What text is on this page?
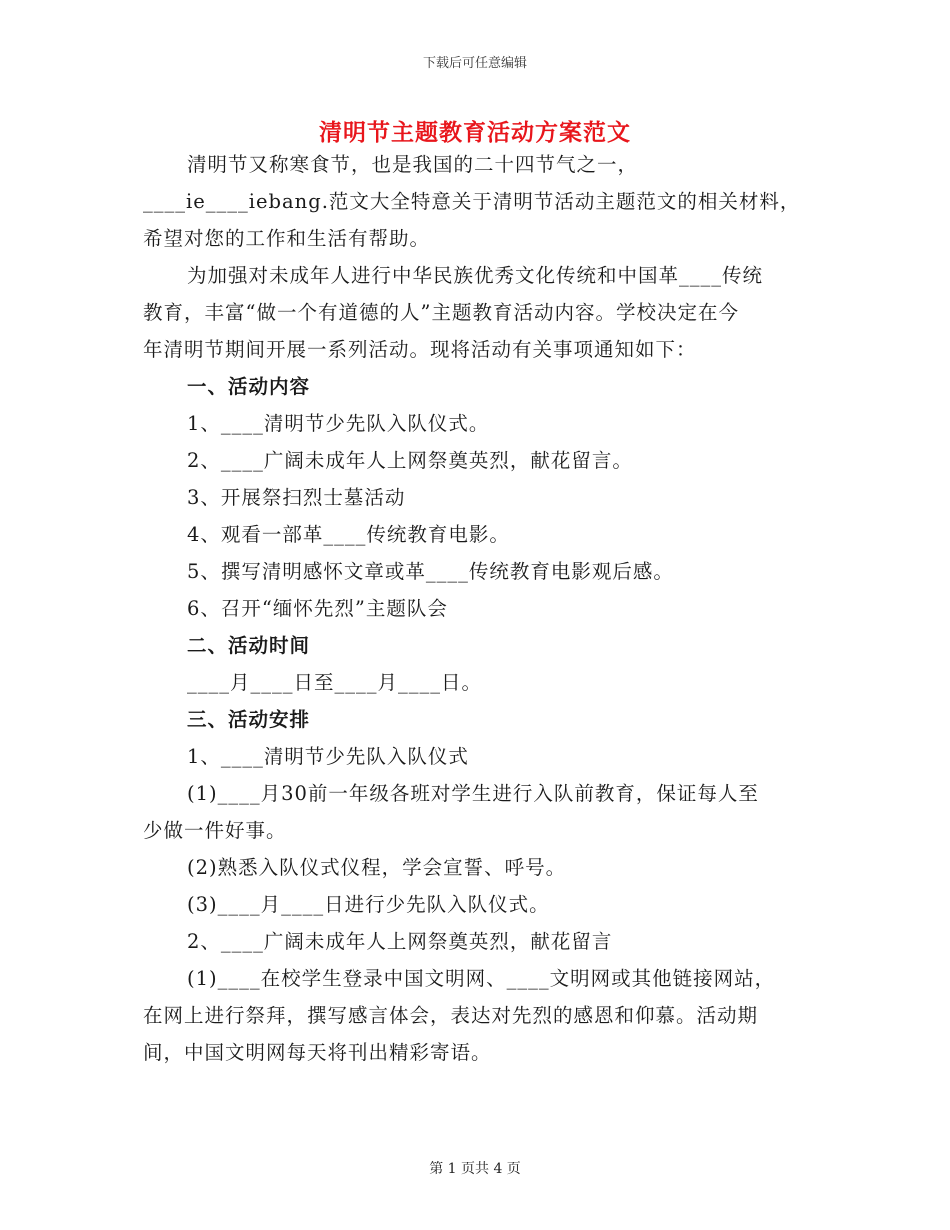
下载后可任意编辑
清明节主题教育活动方案范文

清明节又称寒食节，也是我国的二十四节气之一，

____ie____iebang.范文大全特意关于清明节活动主题范文的相关材料，

希望对您的工作和生活有帮助。

为加强对未成年人进行中华民族优秀文化传统和中国革____传统

教育，丰富“做一个有道德的人”主题教育活动内容。学校决定在今

年清明节期间开展一系列活动。现将活动有关事项通知如下：

一、活动内容

1、____清明节少先队入队仪式。

2、____广阔未成年人上网祭奠英烈，献花留言。

3、开展祭扫烈士墓活动

4、观看一部革____传统教育电影。

5、撰写清明感怀文章或革____传统教育电影观后感。

6、召开“缅怀先烈”主题队会

二、活动时间

____月____日至____月____日。

三、活动安排

1、____清明节少先队入队仪式

(1)____月30前一年级各班对学生进行入队前教育，保证每人至

少做一件好事。

(2)熟悉入队仪式仪程，学会宣誓、呼号。

(3)____月____日进行少先队入队仪式。

2、____广阔未成年人上网祭奠英烈，献花留言

(1)____在校学生登录中国文明网、____文明网或其他链接网站，

在网上进行祭拜，撰写感言体会，表达对先烈的感恩和仰慕。活动期

间，中国文明网每天将刊出精彩寄语。

第 1 页共 4 页
